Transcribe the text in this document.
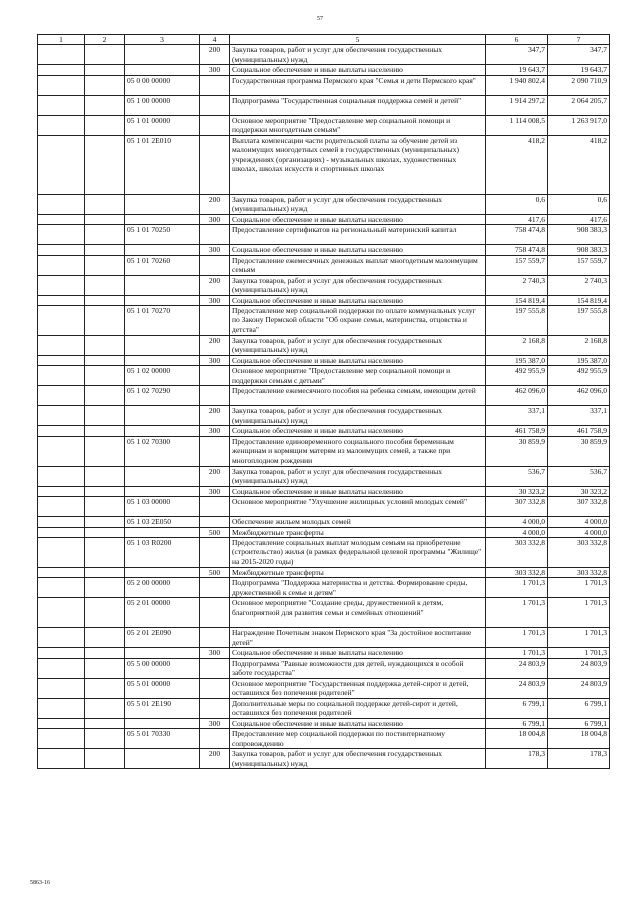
57
1	2	3	4	5	6	7
			200	Закупка товаров, работ и услуг для обеспечения государственных (муниципальных) нужд	347,7	347,7
			300	Социальное обеспечение и иные выплаты населению	19 643,7	19 643,7
		05 0 00 00000		Государственная программа Пермского края "Семья и дети Пермского края"	1 940 802,4	2 090 710,9
		05 1 00 00000		Подпрограмма "Государственная социальная поддержка семей и детей"	1 914 297,2	2 064 205,7
		05 1 01 00000		Основное мероприятие "Предоставление мер социальной помощи и поддержки многодетным семьям"	1 114 008,5	1 263 917,0
		05 1 01 2Е010		Выплата компенсации части родительской платы за обучение детей из малоимущих многодетных семей в государственных (муниципальных) учреждениях (организациях) - музыкальных школах, художественных школах, школах искусств и спортивных школах	418,2	418,2
			200	Закупка товаров, работ и услуг для обеспечения государственных (муниципальных) нужд	0,6	0,6
			300	Социальное обеспечение и иные выплаты населению	417,6	417,6
		05 1 01 70250		Предоставление сертификатов на региональный материнский капитал	758 474,8	908 383,3
			300	Социальное обеспечение и иные выплаты населению	758 474,8	908 383,3
		05 1 01 70260		Предоставление ежемесячных денежных выплат многодетным малоимущим семьям	157 559,7	157 559,7
			200	Закупка товаров, работ и услуг для обеспечения государственных (муниципальных) нужд	2 740,3	2 740,3
			300	Социальное обеспечение и иные выплаты населению	154 819,4	154 819,4
		05 1 01 70270		Предоставление мер социальной поддержки по оплате коммунальных услуг по Закону Пермской области "Об охране семьи, материнства, отцовства и детства"	197 555,8	197 555,8
			200	Закупка товаров, работ и услуг для обеспечения государственных (муниципальных) нужд	2 168,8	2 168,8
			300	Социальное обеспечение и иные выплаты населению	195 387,0	195 387,0
		05 1 02 00000		Основное мероприятие "Предоставление мер социальной помощи и поддержки семьям с детьми"	492 955,9	492 955,9
		05 1 02 70290		Предоставление ежемесячного пособия на ребенка семьям, имеющим детей	462 096,0	462 096,0
			200	Закупка товаров, работ и услуг для обеспечения государственных (муниципальных) нужд	337,1	337,1
			300	Социальное обеспечение и иные выплаты населению	461 758,9	461 758,9
		05 1 02 70300		Предоставление единовременного социального пособия беременным женщинам и кормящим матерям из малоимущих семей, а также при многоплодном рождении	30 859,9	30 859,9
			200	Закупка товаров, работ и услуг для обеспечения государственных (муниципальных) нужд	536,7	536,7
			300	Социальное обеспечение и иные выплаты населению	30 323,2	30 323,2
		05 1 03 00000		Основное мероприятие "Улучшение жилищных условий молодых семей"	307 332,8	307 332,8
		05 1 03 2Е050		Обеспечение жильем молодых семей	4 000,0	4 000,0
			500	Межбюджетные трансферты	4 000,0	4 000,0
		05 1 03 R0200		Предоставление социальных выплат молодым семьям на приобретение (строительство) жилья (в рамках федеральной целевой программы "Жилище" на 2015-2020 годы)	303 332,8	303 332,8
			500	Межбюджетные трансферты	303 332,8	303 332,8
		05 2 00 00000		Подпрограмма "Поддержка материнства и детства. Формирование среды, дружественной к семье и детям"	1 701,3	1 701,3
		05 2 01 00000		Основное мероприятие "Создание среды, дружественной к детям, благоприятной для развития семьи и семейных отношений"	1 701,3	1 701,3
		05 2 01 2Е090		Награждение Почетным знаком Пермского края "За достойное воспитание детей"	1 701,3	1 701,3
			300	Социальное обеспечение и иные выплаты населению	1 701,3	1 701,3
		05 5 00 00000		Подпрограмма "Равные возможности для детей, нуждающихся в особой заботе государства"	24 803,9	24 803,9
		05 5 01 00000		Основное мероприятие "Государственная поддержка детей-сирот и детей, оставшихся без попечения родителей"	24 803,9	24 803,9
		05 5 01 2Е190		Дополнительные меры по социальной поддержке детей-сирот и детей, оставшихся без попечения родителей	6 799,1	6 799,1
			300	Социальное обеспечение и иные выплаты населению	6 799,1	6 799,1
		05 5 01 70330		Предоставление мер социальной поддержки по постинтернатному сопровождению	18 004,8	18 004,8
			200	Закупка товаров, работ и услуг для обеспечения государственных (муниципальных) нужд	178,3	178,3
5863-16
